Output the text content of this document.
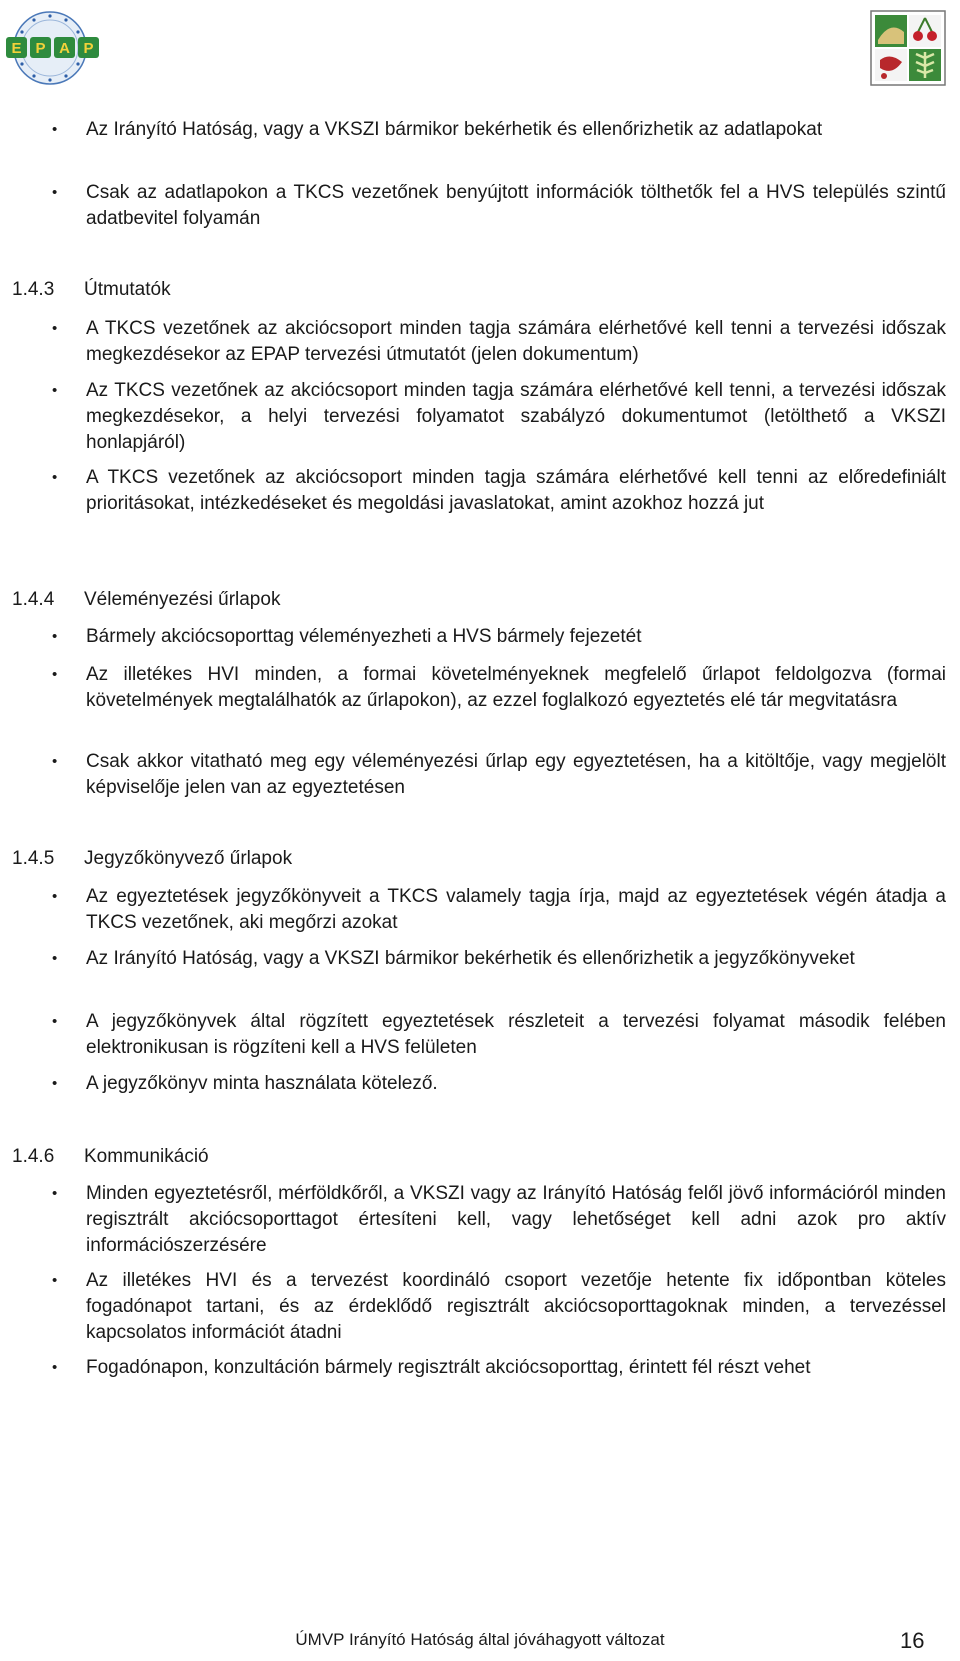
E P A P
•
Az Irányító Hatóság, vagy a VKSZI bármikor bekérhetik és ellenőrizhetik az adatlapokat
•
Csak az adatlapokon a TKCS vezetőnek benyújtott információk tölthetők fel a HVS település szintű adatbevitel folyamán
1.4.3 Útmutatók
•
A TKCS vezetőnek az akciócsoport minden tagja számára elérhetővé kell tenni a tervezési időszak megkezdésekor az EPAP tervezési útmutatót (jelen dokumentum)
•
Az TKCS vezetőnek az akciócsoport minden tagja számára elérhetővé kell tenni, a tervezési időszak megkezdésekor, a helyi tervezési folyamatot szabályzó dokumentumot (letölthető a VKSZI honlapjáról)
•
A TKCS vezetőnek az akciócsoport minden tagja számára elérhetővé kell tenni az előredefiniált prioritásokat, intézkedéseket és megoldási javaslatokat, amint azokhoz hozzá jut
1.4.4 Véleményezési űrlapok
•
Bármely akciócsoporttag véleményezheti a HVS bármely fejezetét
•
Az illetékes HVI minden, a formai követelményeknek megfelelő űrlapot feldolgozva (formai követelmények megtalálhatók az űrlapokon), az ezzel foglalkozó egyeztetés elé tár megvitatásra
•
Csak akkor vitatható meg egy véleményezési űrlap egy egyeztetésen, ha a kitöltője, vagy megjelölt képviselője jelen van az egyeztetésen
1.4.5 Jegyzőkönyvező űrlapok
•
Az egyeztetések jegyzőkönyveit a TKCS valamely tagja írja, majd az egyeztetések végén átadja a TKCS vezetőnek, aki megőrzi azokat
•
Az Irányító Hatóság, vagy a VKSZI bármikor bekérhetik és ellenőrizhetik a jegyzőkönyveket
•
A jegyzőkönyvek által rögzített egyeztetések részleteit a tervezési folyamat második felében elektronikusan is rögzíteni kell a HVS felületen
•
A jegyzőkönyv minta használata kötelező.
1.4.6 Kommunikáció
•
Minden egyeztetésről, mérföldkőről, a VKSZI vagy az Irányító Hatóság felől jövő információról minden regisztrált akciócsoporttagot értesíteni kell, vagy lehetőséget kell adni azok pro aktív információszerzésére
•
Az illetékes HVI és a tervezést koordináló csoport vezetője hetente fix időpontban köteles fogadónapot tartani, és az érdeklődő regisztrált akciócsoporttagoknak minden, a tervezéssel kapcsolatos információt átadni
•
Fogadónapon, konzultáción bármely regisztrált akciócsoporttag, érintett fél részt vehet
ÚMVP Irányító Hatóság által jóváhagyott változat	16
